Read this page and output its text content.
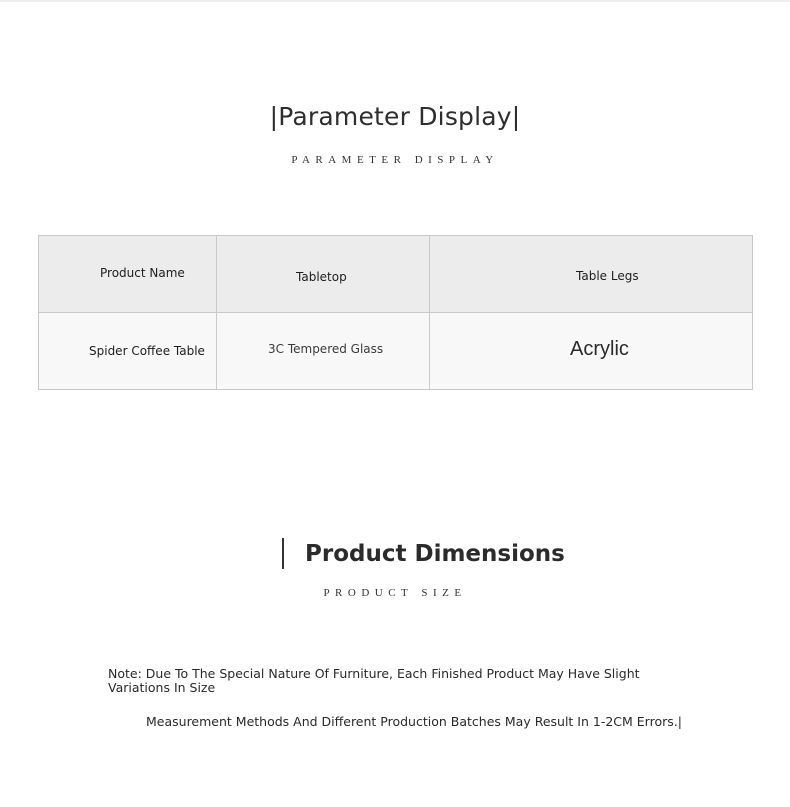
|Parameter Display|
PARAMETER DISPLAY
Product Name	Tabletop	Table Legs

Spider Coffee Table	3C Tempered Glass	Acrylic
Product Dimensions
PRODUCT SIZE
Note: Due To The Special Nature Of Furniture, Each Finished Product May Have Slight Variations In Size
Measurement Methods And Different Production Batches May Result In 1-2CM Errors.|
